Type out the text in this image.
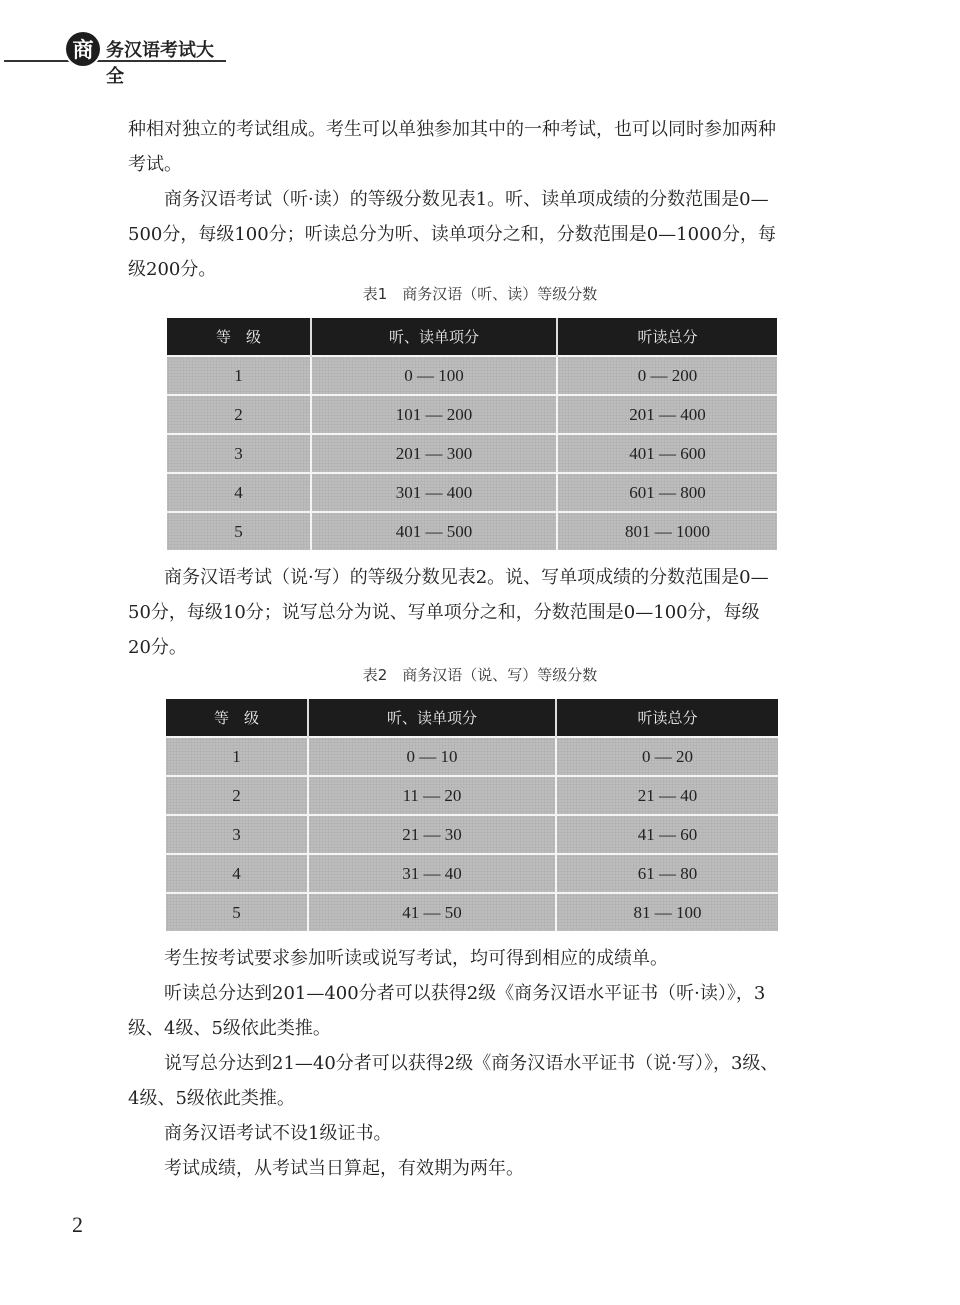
商 务汉语考试大全

种相对独立的考试组成。考生可以单独参加其中的一种考试，也可以同时参加两种考试。

商务汉语考试（听·读）的等级分数见表1。听、读单项成绩的分数范围是0—500分，每级100分；听读总分为听、读单项分之和，分数范围是0—1000分，每级200分。

表1　商务汉语（听、读）等级分数
等　级	听、读单项分	听读总分
1	0 — 100	0 — 200
2	101 — 200	201 — 400
3	201 — 300	401 — 600
4	301 — 400	601 — 800
5	401 — 500	801 — 1000
商务汉语考试（说·写）的等级分数见表2。说、写单项成绩的分数范围是0—50分，每级10分；说写总分为说、写单项分之和，分数范围是0—100分，每级20分。
表2　商务汉语（说、写）等级分数
等　级	听、读单项分	听读总分
1	0 — 10	0 — 20
2	11 — 20	21 — 40
3	21 — 30	41 — 60
4	31 — 40	61 — 80
5	41 — 50	81 — 100

考生按考试要求参加听读或说写考试，均可得到相应的成绩单。

听读总分达到201—400分者可以获得2级《商务汉语水平证书（听·读）》，3级、4级、5级依此类推。

说写总分达到21—40分者可以获得2级《商务汉语水平证书（说·写）》，3级、4级、5级依此类推。

商务汉语考试不设1级证书。

考试成绩，从考试当日算起，有效期为两年。

2
